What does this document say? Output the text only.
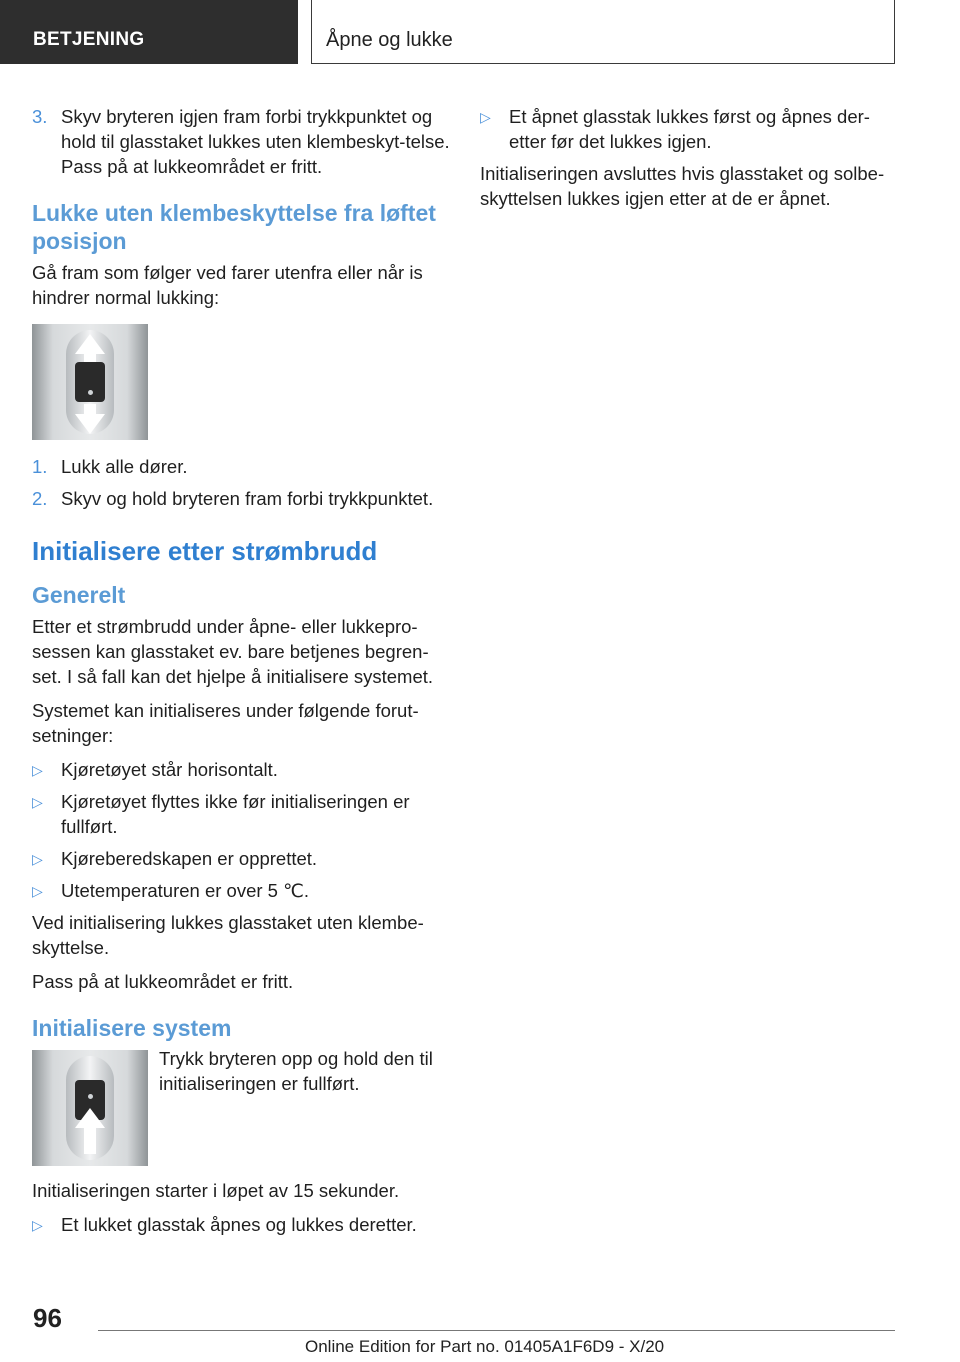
BETJENING	Åpne og lukke
3. Skyv bryteren igjen fram forbi trykkpunktet og hold til glasstaket lukkes uten klembeskyt-telse. Pass på at lukkeområdet er fritt.
Lukke uten klembeskyttelse fra løftet posisjon

Gå fram som følger ved farer utenfra eller når is hindrer normal lukking:

1. Lukk alle dører.
2. Skyv og hold bryteren fram forbi trykkpunktet.
Initialisere etter strømbrudd
Generelt

Etter et strømbrudd under åpne- eller lukkepro-sessen kan glasstaket ev. bare betjenes begren-set. I så fall kan det hjelpe å initialisere systemet.

Systemet kan initialiseres under følgende forut-setninger:

▷ Kjøretøyet står horisontalt.
▷ Kjøretøyet flyttes ikke før initialiseringen er fullført.
▷ Kjøreberedskapen er opprettet.
▷ Utetemperaturen er over 5 ℃.

Ved initialisering lukkes glasstaket uten klembe-skyttelse.

Pass på at lukkeområdet er fritt.

Initialisere system

Trykk bryteren opp og hold den til initialiseringen er fullført.

Initialiseringen starter i løpet av 15 sekunder.

▷ Et lukket glasstak åpnes og lukkes deretter.
▷ Et åpnet glasstak lukkes først og åpnes der-etter før det lukkes igjen.

Initialiseringen avsluttes hvis glasstaket og solbe-skyttelsen lukkes igjen etter at de er åpnet.

96
Online Edition for Part no. 01405A1F6D9 - X/20
